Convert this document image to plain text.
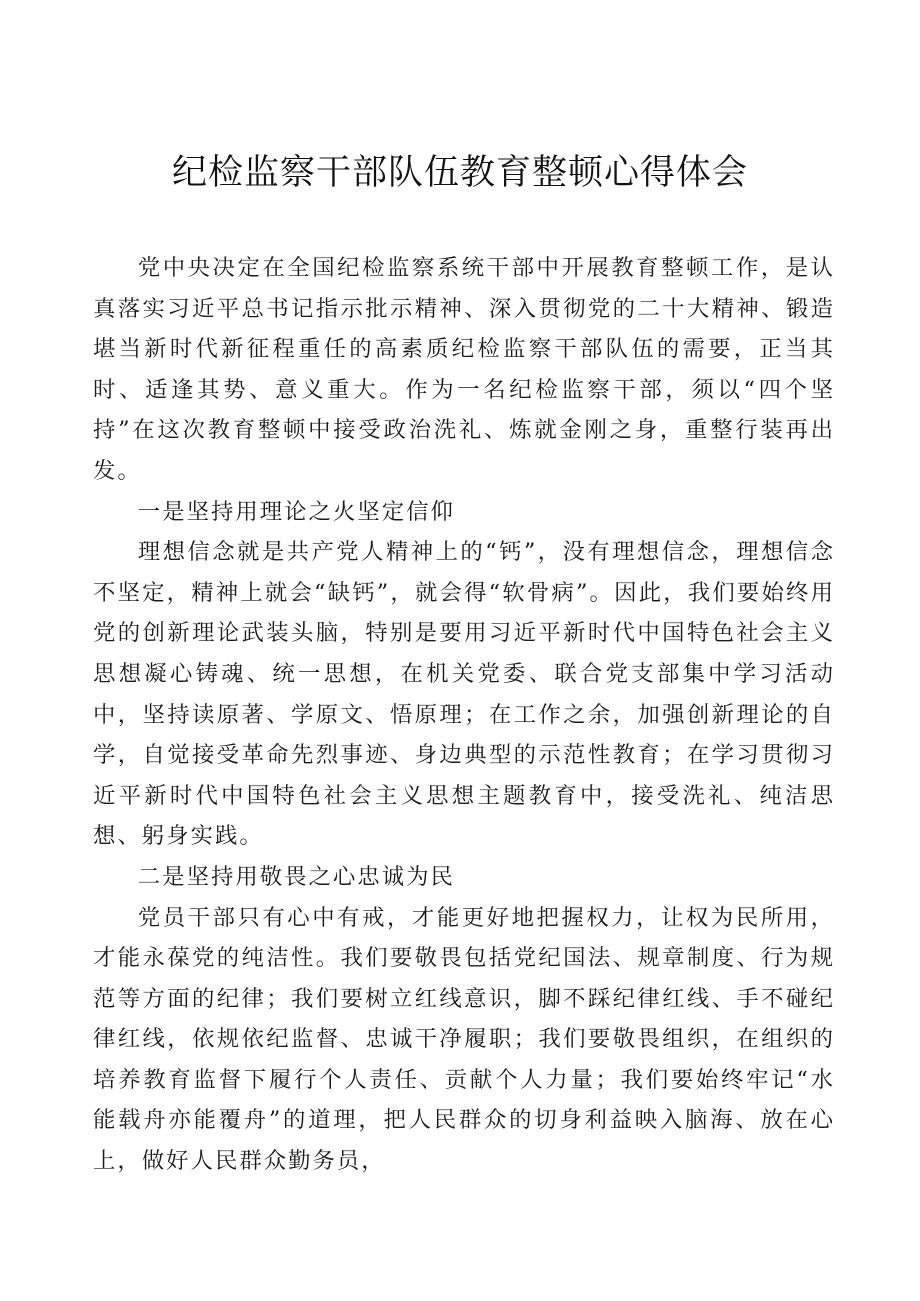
纪检监察干部队伍教育整顿心得体会

党中央决定在全国纪检监察系统干部中开展教育整顿工作，是认真落实习近平总书记指示批示精神、深入贯彻党的二十大精神、锻造堪当新时代新征程重任的高素质纪检监察干部队伍的需要，正当其时、适逢其势、意义重大。作为一名纪检监察干部，须以“四个坚持”在这次教育整顿中接受政治洗礼、炼就金刚之身，重整行装再出发。

一是坚持用理论之火坚定信仰

理想信念就是共产党人精神上的“钙”，没有理想信念，理想信念不坚定，精神上就会“缺钙”，就会得“软骨病”。因此，我们要始终用党的创新理论武装头脑，特别是要用习近平新时代中国特色社会主义思想凝心铸魂、统一思想，在机关党委、联合党支部集中学习活动中，坚持读原著、学原文、悟原理；在工作之余，加强创新理论的自学，自觉接受革命先烈事迹、身边典型的示范性教育；在学习贯彻习近平新时代中国特色社会主义思想主题教育中，接受洗礼、纯洁思想、躬身实践。

二是坚持用敬畏之心忠诚为民

党员干部只有心中有戒，才能更好地把握权力，让权为民所用，才能永葆党的纯洁性。我们要敬畏包括党纪国法、规章制度、行为规范等方面的纪律；我们要树立红线意识，脚不踩纪律红线、手不碰纪律红线，依规依纪监督、忠诚干净履职；我们要敬畏组织，在组织的培养教育监督下履行个人责任、贡献个人力量；我们要始终牢记“水能载舟亦能覆舟”的道理，把人民群众的切身利益映入脑海、放在心上，做好人民群众勤务员，
